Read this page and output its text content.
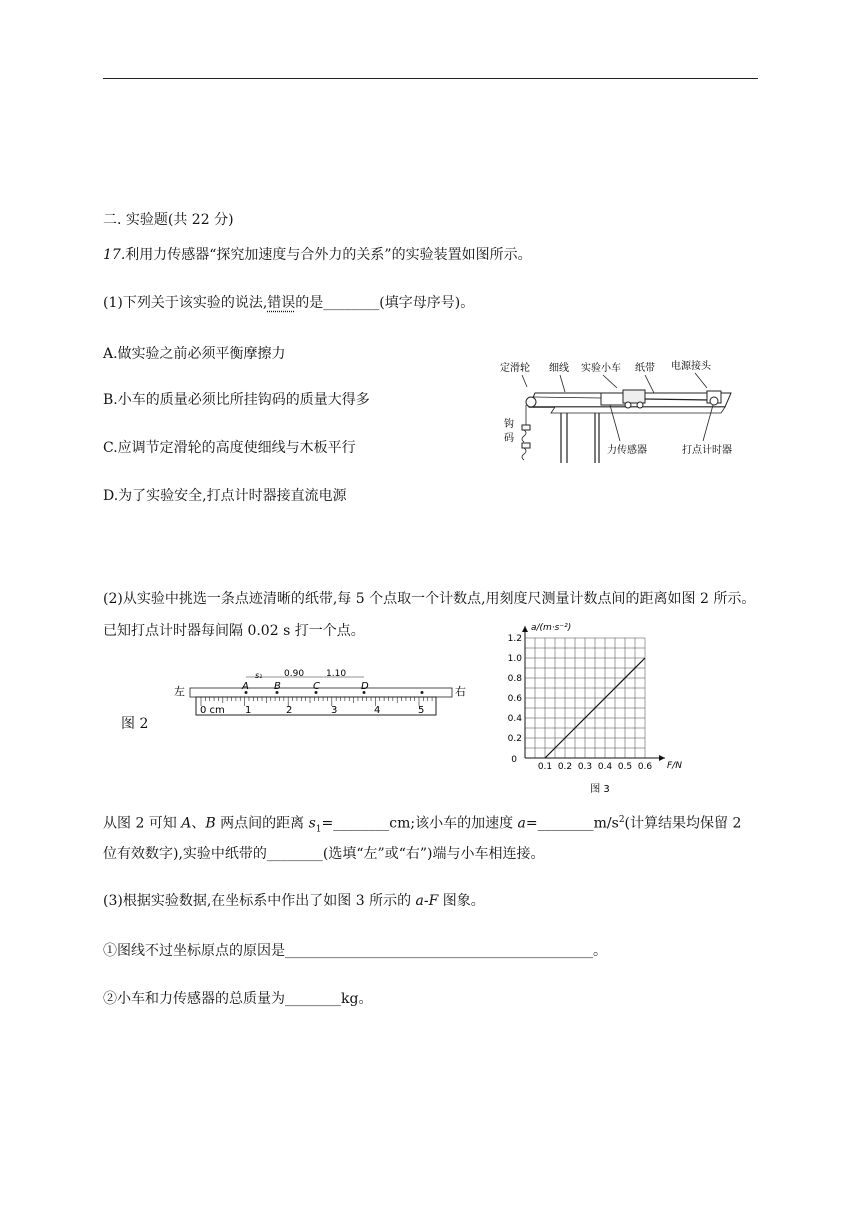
二. 实验题(共 22 分)
17.利用力传感器“探究加速度与合外力的关系”的实验装置如图所示。
(1)下列关于该实验的说法,错误的是________(填字母序号)。
A.做实验之前必须平衡摩擦力
B.小车的质量必须比所挂钩码的质量大得多
C.应调节定滑轮的高度使细线与木板平行
D.为了实验安全,打点计时器接直流电源
定滑轮 细线 实验小车 纸带 电源接头
钩
码
力传感器	打点计时器
(2)从实验中挑选一条点迹清晰的纸带,每 5 个点取一个计数点,用刻度尺测量计数点间的距离如图 2 所示。已知打点计时器每间隔 0.02 s 打一个点。
图 2
左	右
A	B	C	D
s₁ 0.90 1.10
0 cm 1	2	3	4	5
0.2
0.4
0.6
0.8
1.0
1.2
0.1 0.2 0.3 0.4 0.5 0.6
0
F/N
a/(m·s⁻²)
图 3
从图 2 可知 A、B 两点间的距离 $s_1=\_\_\_\_\_\_\_\_cm$;该小车的加速度 $a=\_\_\_\_\_\_\_\_m/s^2$(计算结果均保留 2
位有效数字),实验中纸带的________(选填“左”或“右”)端与小车相连接。
(3)根据实验数据,在坐标系中作出了如图 3 所示的 a-F 图象。
①图线不过坐标原点的原因是____________________________________________。
②小车和力传感器的总质量为________kg。
